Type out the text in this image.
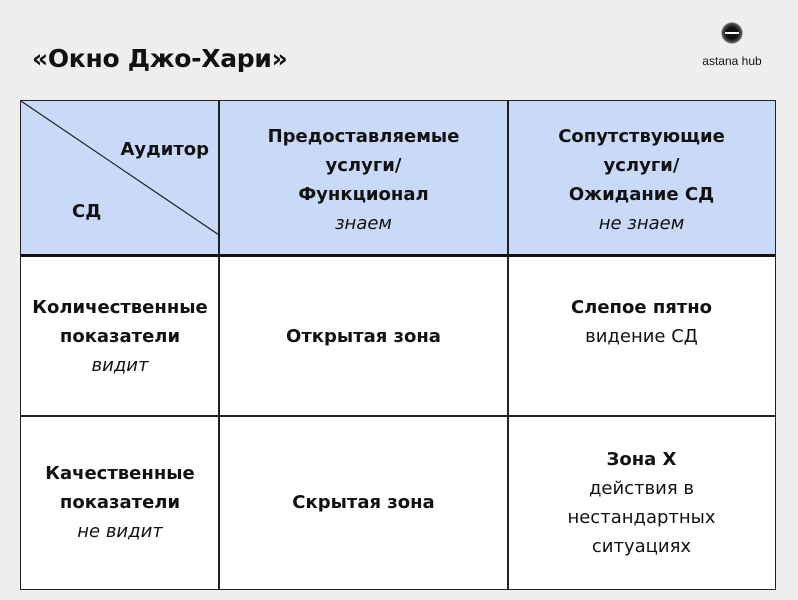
«Окно Джо-Хари»	astana hub
Аудитор
СД
Предоставляемые
услуги/
Функционал
знаем
Сопутствующие
услуги/
Ожидание СД
не знаем
Количественные
показатели
видит
Открытая зона
Слепое пятно
видение СД
Качественные
показатели
не видит
Скрытая зона
Зона Х
действия в
нестандартных
ситуациях
